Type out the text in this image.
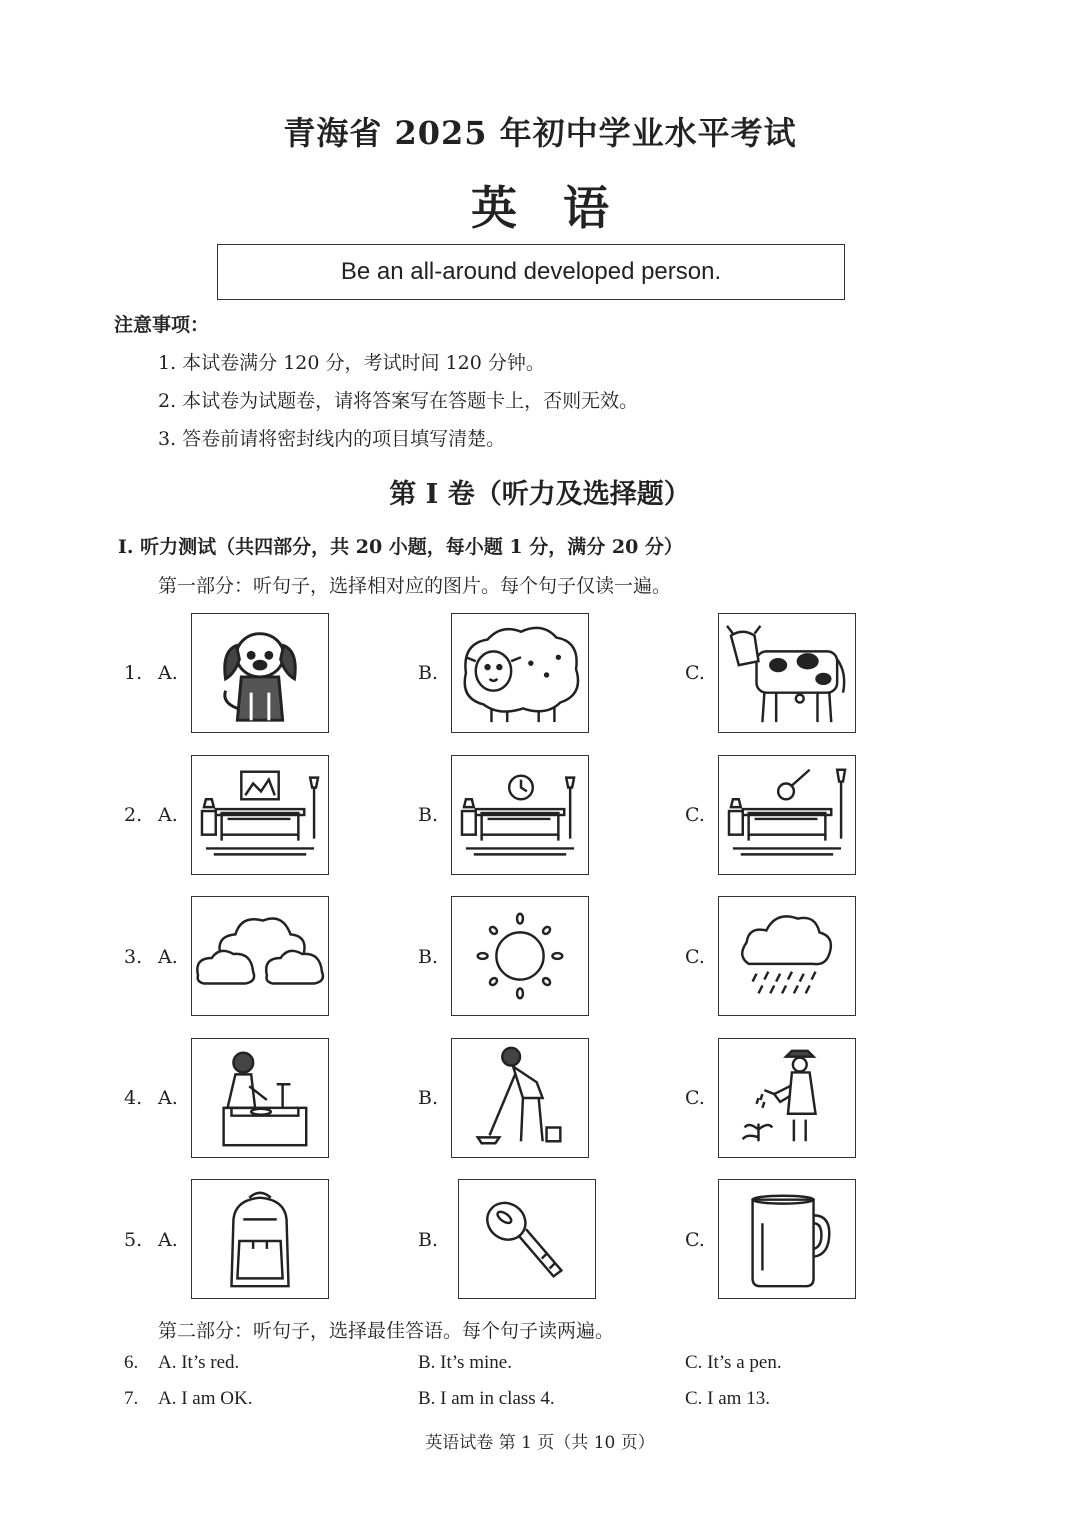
青海省 2025 年初中学业水平考试
英语
Be an all-around developed person.
注意事项：
1. 本试卷满分 120 分，考试时间 120 分钟。
2. 本试卷为试题卷，请将答案写在答题卡上，否则无效。
3. 答卷前请将密封线内的项目填写清楚。
第 I 卷（听力及选择题）
I. 听力测试（共四部分，共 20 小题，每小题 1 分，满分 20 分）
第一部分：听句子，选择相对应的图片。每个句子仅读一遍。
1. A.	B.	C.
2. A.	B.	C.
3. A.	B.	C.
4. A.	B.	C.
5. A.	B.	C.
第二部分：听句子，选择最佳答语。每个句子读两遍。
6. A. It’s red.	B. It’s mine.	C. It’s a pen.
7. A. I am OK.	B. I am in class 4.	C. I am 13.
英语试卷 第 1 页（共 10 页）
